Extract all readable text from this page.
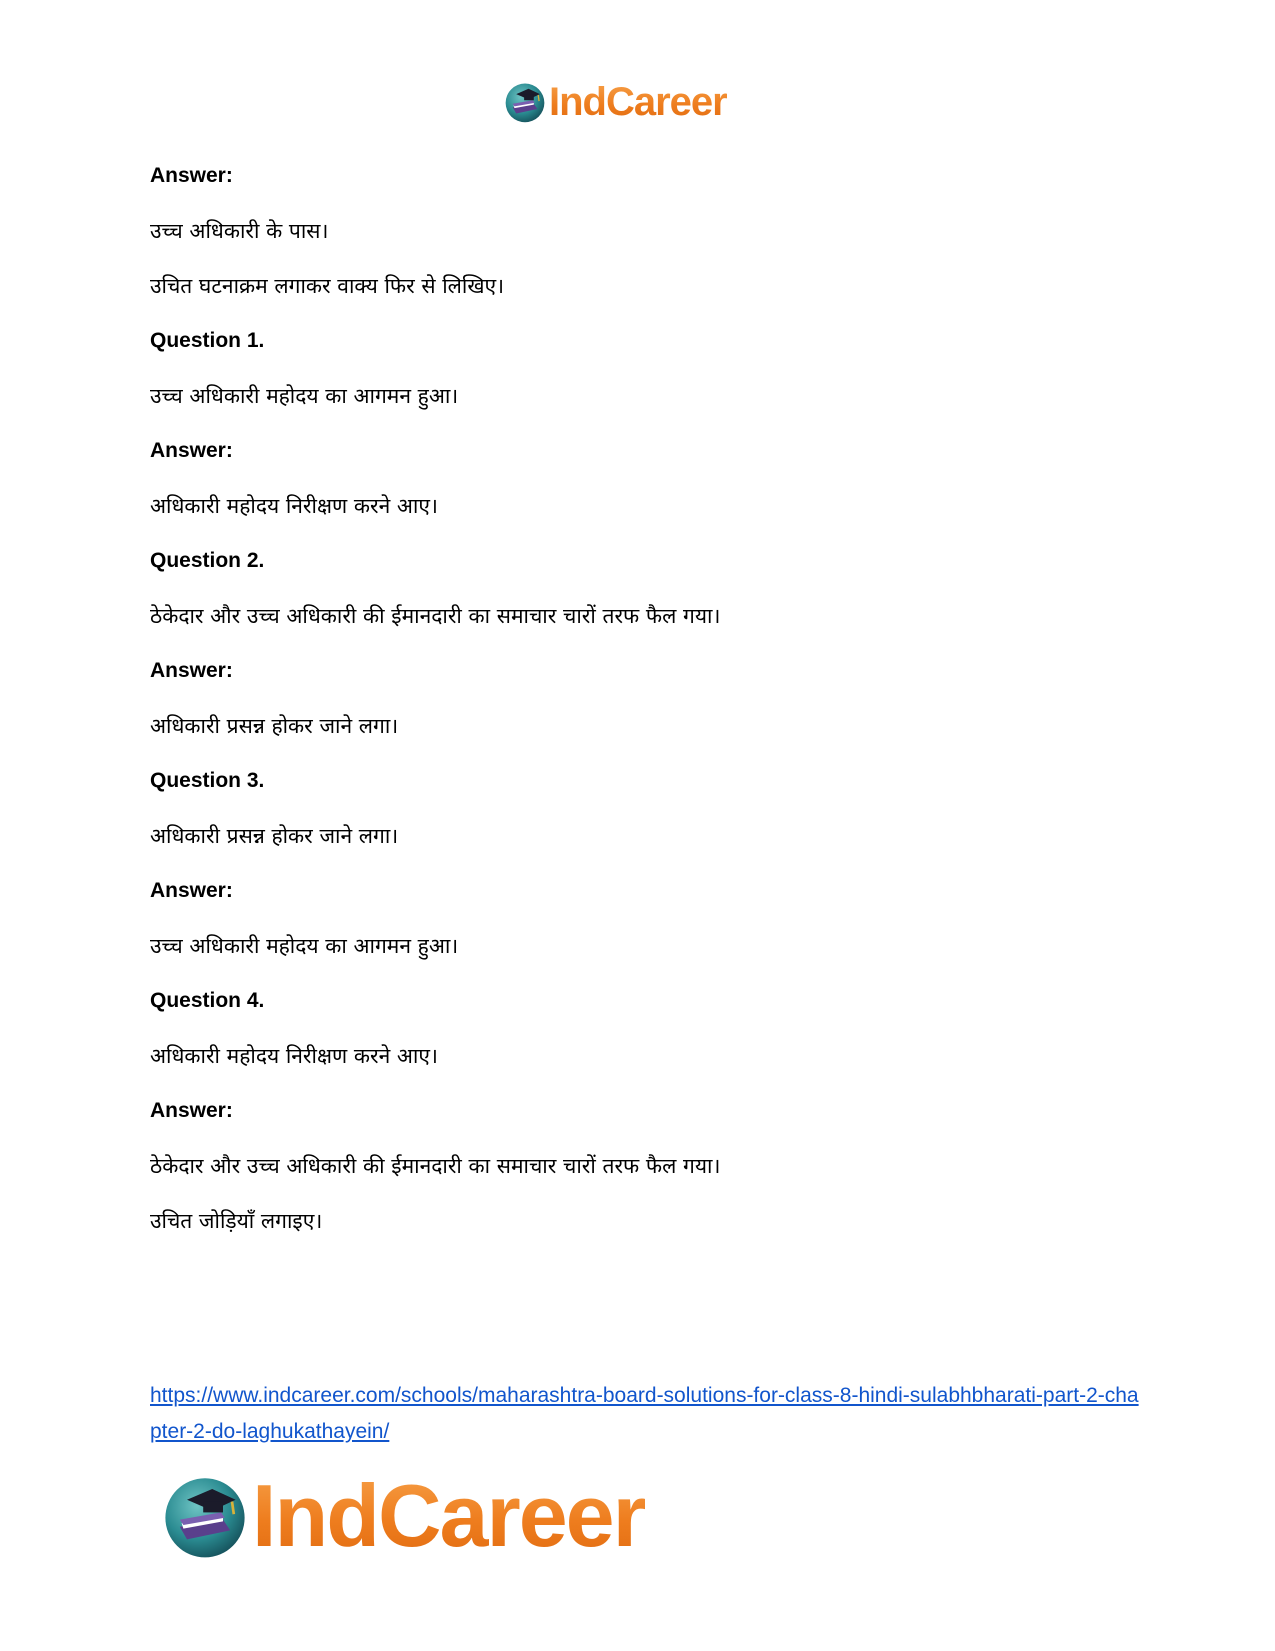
IndCareer

Answer:

उच्च अधिकारी के पास।

उचित घटनाक्रम लगाकर वाक्य फिर से लिखिए।

Question 1.

उच्च अधिकारी महोदय का आगमन हुआ।

Answer:

अधिकारी महोदय निरीक्षण करने आए।

Question 2.

ठेकेदार और उच्च अधिकारी की ईमानदारी का समाचार चारों तरफ फैल गया।

Answer:

अधिकारी प्रसन्न होकर जाने लगा।

Question 3.

अधिकारी प्रसन्न होकर जाने लगा।

Answer:

उच्च अधिकारी महोदय का आगमन हुआ।

Question 4.

अधिकारी महोदय निरीक्षण करने आए।

Answer:

ठेकेदार और उच्च अधिकारी की ईमानदारी का समाचार चारों तरफ फैल गया।

उचित जोड़ियाँ लगाइए।

https://www.indcareer.com/schools/maharashtra-board-solutions-for-class-8-hindi-sulabhbharati-part-2-chapter-2-do-laghukathayein/
IndCareer
